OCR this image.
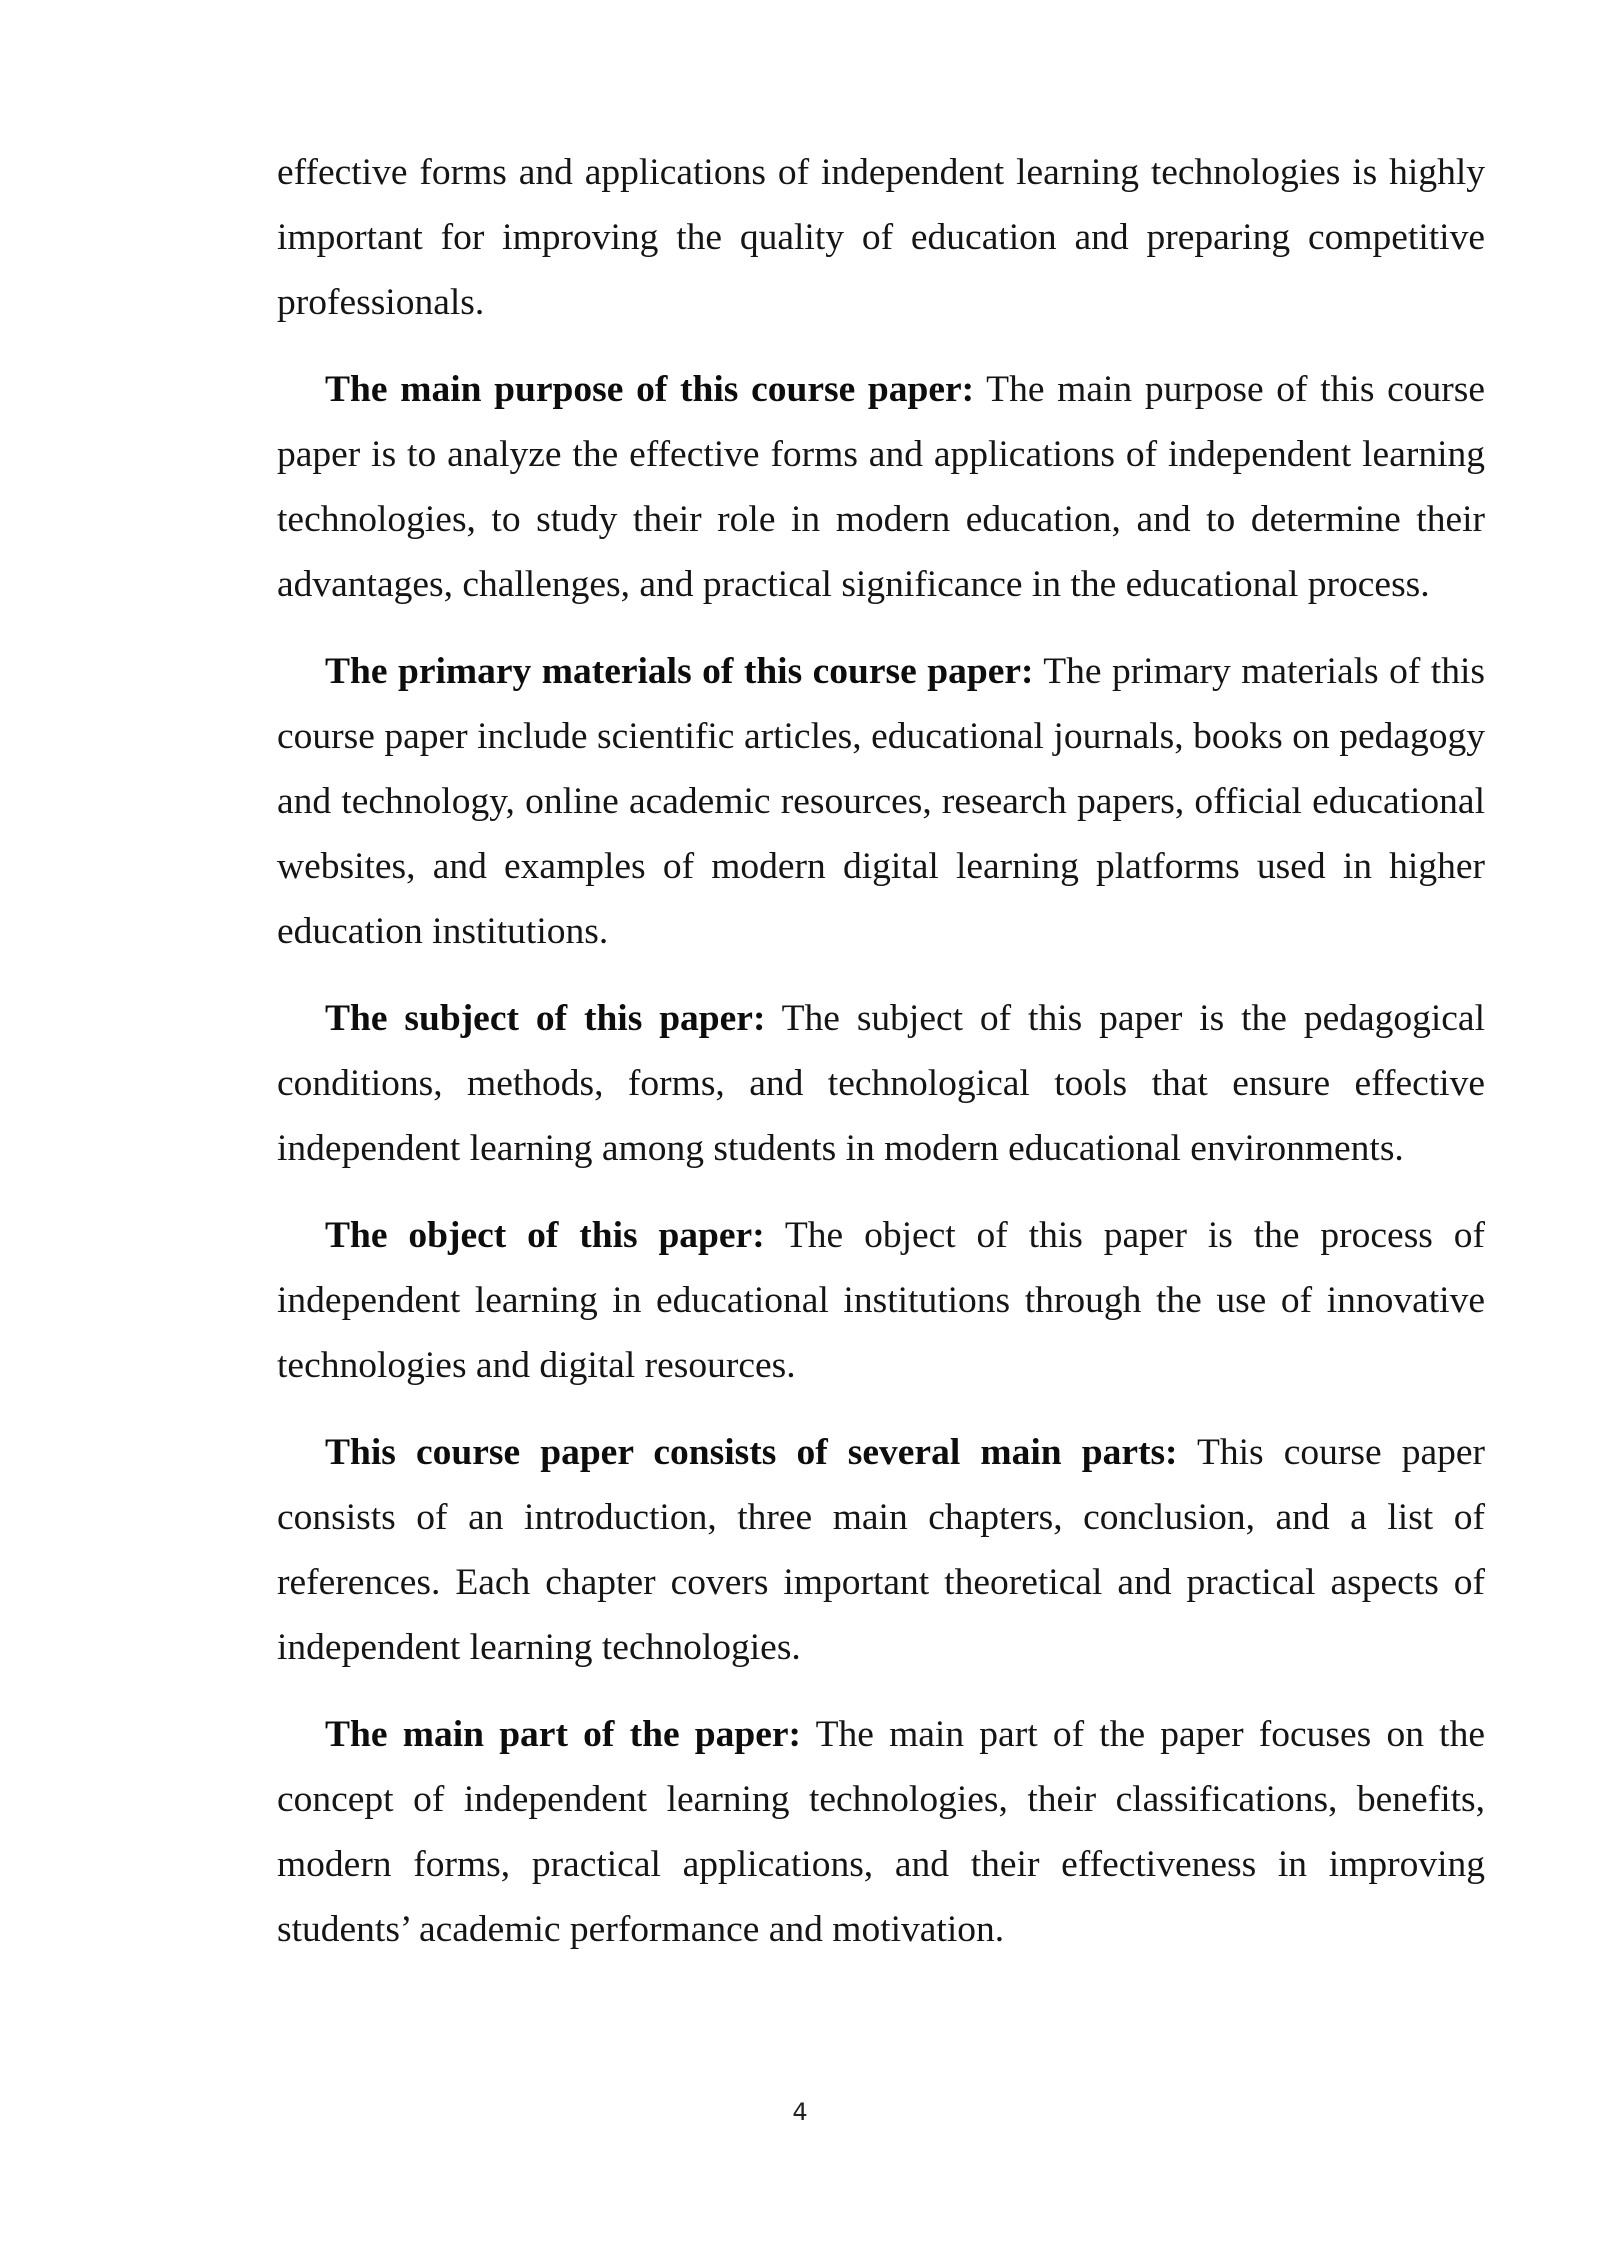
effective forms and applications of independent learning technologies is highly important for improving the quality of education and preparing competitive professionals.

The main purpose of this course paper: The main purpose of this course paper is to analyze the effective forms and applications of independent learning technologies, to study their role in modern education, and to determine their advantages, challenges, and practical significance in the educational process.

The primary materials of this course paper: The primary materials of this course paper include scientific articles, educational journals, books on pedagogy and technology, online academic resources, research papers, official educational websites, and examples of modern digital learning platforms used in higher education institutions.

The subject of this paper: The subject of this paper is the pedagogical conditions, methods, forms, and technological tools that ensure effective independent learning among students in modern educational environments.

The object of this paper: The object of this paper is the process of independent learning in educational institutions through the use of innovative technologies and digital resources.

This course paper consists of several main parts: This course paper consists of an introduction, three main chapters, conclusion, and a list of references. Each chapter covers important theoretical and practical aspects of independent learning technologies.

The main part of the paper: The main part of the paper focuses on the concept of independent learning technologies, their classifications, benefits, modern forms, practical applications, and their effectiveness in improving students’ academic performance and motivation.

4
